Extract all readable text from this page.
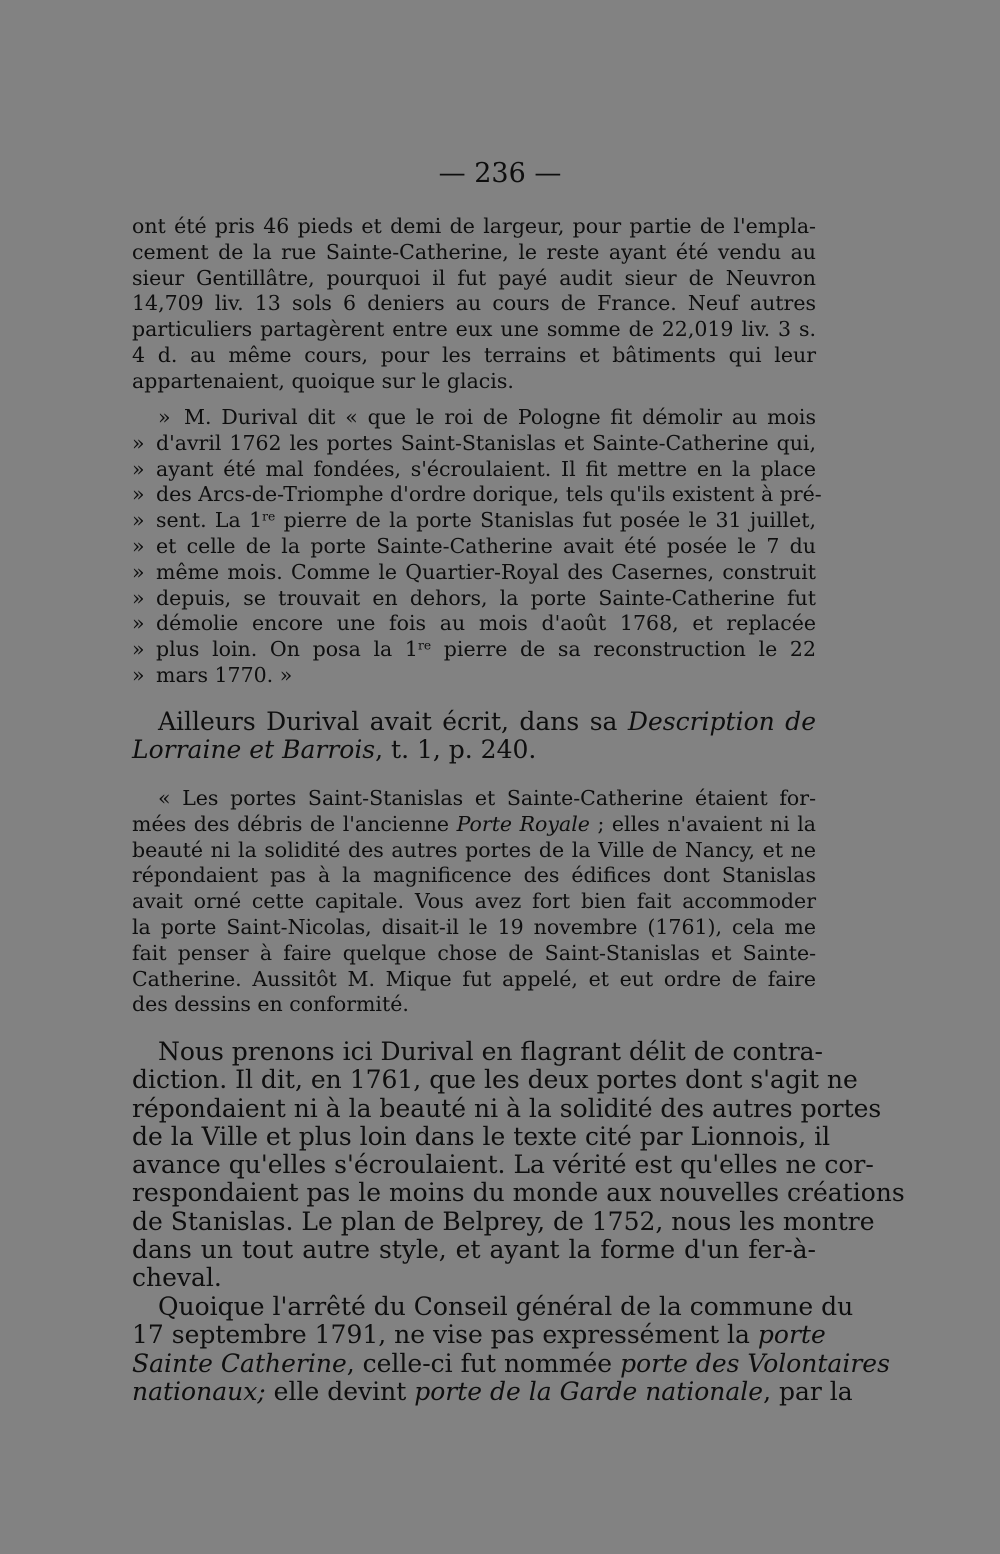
— 236 —
ont été pris 46 pieds et demi de largeur, pour partie de l'empla-
cement de la rue Sainte-Catherine, le reste ayant été vendu au
sieur Gentillâtre, pourquoi il fut payé audit sieur de Neuvron
14,709 liv. 13 sols 6 deniers au cours de France. Neuf autres
particuliers partagèrent entre eux une somme de 22,019 liv. 3 s.
4 d. au même cours, pour les terrains et bâtiments qui leur
appartenaient, quoique sur le glacis.
» M. Durival dit « que le roi de Pologne fit démolir au mois
» d'avril 1762 les portes Saint-Stanislas et Sainte-Catherine qui,
» ayant été mal fondées, s'écroulaient. Il fit mettre en la place
» des Arcs-de-Triomphe d'ordre dorique, tels qu'ils existent à pré-
» sent. La 1re pierre de la porte Stanislas fut posée le 31 juillet,
» et celle de la porte Sainte-Catherine avait été posée le 7 du
» même mois. Comme le Quartier-Royal des Casernes, construit
» depuis, se trouvait en dehors, la porte Sainte-Catherine fut
» démolie encore une fois au mois d'août 1768, et replacée
» plus loin. On posa la 1re pierre de sa reconstruction le 22
» mars 1770. »
Ailleurs Durival avait écrit, dans sa Description de
Lorraine et Barrois, t. 1, p. 240.
« Les portes Saint-Stanislas et Sainte-Catherine étaient for-
mées des débris de l'ancienne Porte Royale ; elles n'avaient ni la
beauté ni la solidité des autres portes de la Ville de Nancy, et ne
répondaient pas à la magnificence des édifices dont Stanislas
avait orné cette capitale. Vous avez fort bien fait accommoder
la porte Saint-Nicolas, disait-il le 19 novembre (1761), cela me
fait penser à faire quelque chose de Saint-Stanislas et Sainte-
Catherine. Aussitôt M. Mique fut appelé, et eut ordre de faire
des dessins en conformité.
Nous prenons ici Durival en flagrant délit de contra-
diction. Il dit, en 1761, que les deux portes dont s'agit ne
répondaient ni à la beauté ni à la solidité des autres portes
de la Ville et plus loin dans le texte cité par Lionnois, il
avance qu'elles s'écroulaient. La vérité est qu'elles ne cor-
respondaient pas le moins du monde aux nouvelles créations
de Stanislas. Le plan de Belprey, de 1752, nous les montre
dans un tout autre style, et ayant la forme d'un fer-à-
cheval.
Quoique l'arrêté du Conseil général de la commune du
17 septembre 1791, ne vise pas expressément la porte
Sainte Catherine, celle-ci fut nommée porte des Volontaires
nationaux; elle devint porte de la Garde nationale, par la
